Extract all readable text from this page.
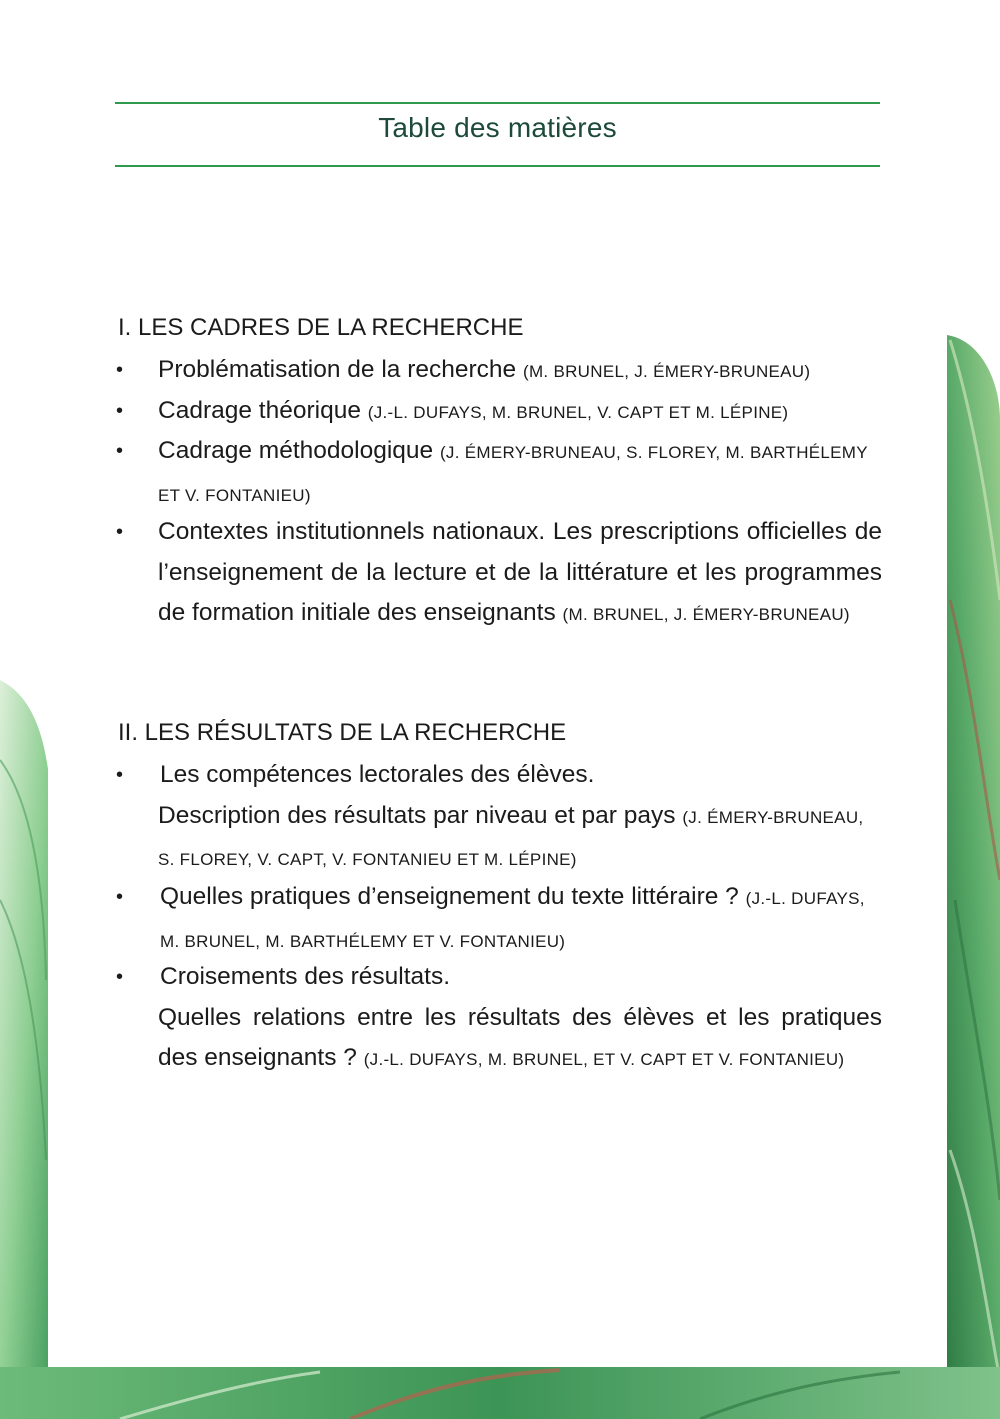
Table des matières
I. LES CADRES DE LA RECHERCHE
• Problématisation de la recherche (M. BRUNEL, J. ÉMERY-BRUNEAU)
• Cadrage théorique (J.-L. DUFAYS, M. BRUNEL, V. CAPT ET M. LÉPINE)
• Cadrage méthodologique (J. ÉMERY-BRUNEAU, S. FLOREY, M. BARTHÉLEMY ET V. FONTANIEU)
• Contextes institutionnels nationaux. Les prescriptions officielles de l’enseignement de la lecture et de la littérature et les programmes de formation initiale des enseignants (M. BRUNEL, J. ÉMERY-BRUNEAU)
II. LES RÉSULTATS DE LA RECHERCHE
• Les compétences lectorales des élèves.
Description des résultats par niveau et par pays (J. ÉMERY-BRUNEAU, S. FLOREY, V. CAPT, V. FONTANIEU ET M. LÉPINE)
• Quelles pratiques d’enseignement du texte littéraire ? (J.-L. DUFAYS, M. BRUNEL, M. BARTHÉLEMY ET V. FONTANIEU)
• Croisements des résultats.
Quelles relations entre les résultats des élèves et les pratiques des enseignants ? (J.-L. DUFAYS, M. BRUNEL, ET V. CAPT ET V. FONTANIEU)
